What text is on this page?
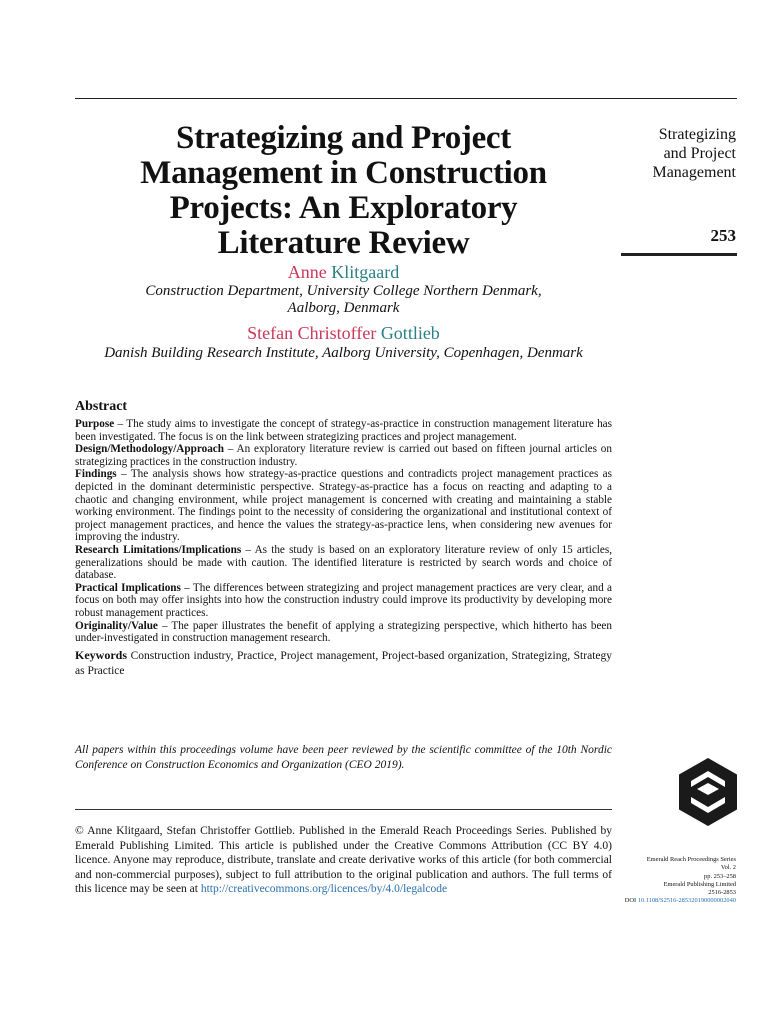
Strategizing and Project
Management in Construction
Projects: An Exploratory
Literature Review
Strategizing
and Project
Management
253
Anne Klitgaard
Construction Department, University College Northern Denmark,
Aalborg, Denmark
Stefan Christoffer Gottlieb
Danish Building Research Institute, Aalborg University, Copenhagen, Denmark
Abstract

Purpose – The study aims to investigate the concept of strategy-as-practice in construction management literature has been investigated. The focus is on the link between strategizing practices and project management.

Design/Methodology/Approach – An exploratory literature review is carried out based on fifteen journal articles on strategizing practices in the construction industry.

Findings – The analysis shows how strategy-as-practice questions and contradicts project management practices as depicted in the dominant deterministic perspective. Strategy-as-practice has a focus on reacting and adapting to a chaotic and changing environment, while project management is concerned with creating and maintaining a stable working environment. The findings point to the necessity of considering the organizational and institutional context of project management practices, and hence the values the strategy-as-practice lens, when considering new avenues for improving the industry.

Research Limitations/Implications – As the study is based on an exploratory literature review of only 15 articles, generalizations should be made with caution. The identified literature is restricted by search words and choice of database.

Practical Implications – The differences between strategizing and project management practices are very clear, and a focus on both may offer insights into how the construction industry could improve its productivity by developing more robust management practices.

Originality/Value – The paper illustrates the benefit of applying a strategizing perspective, which hitherto has been under-investigated in construction management research.

Keywords Construction industry, Practice, Project management, Project-based organization, Strategizing, Strategy as Practice

All papers within this proceedings volume have been peer reviewed by the scientific committee of the 10th Nordic Conference on Construction Economics and Organization (CEO 2019).
© Anne Klitgaard, Stefan Christoffer Gottlieb. Published in the Emerald Reach Proceedings Series. Published by Emerald Publishing Limited. This article is published under the Creative Commons Attribution (CC BY 4.0) licence. Anyone may reproduce, distribute, translate and create derivative works of this article (for both commercial and non-commercial purposes), subject to full attribution to the original publication and authors. The full terms of this licence may be seen at http://creativecommons.org/licences/by/4.0/legalcode
Emerald Reach Proceedings Series
Vol. 2
pp. 253–258
Emerald Publishing Limited
2516-2853
DOI 10.1108/S2516-285320190000002040
